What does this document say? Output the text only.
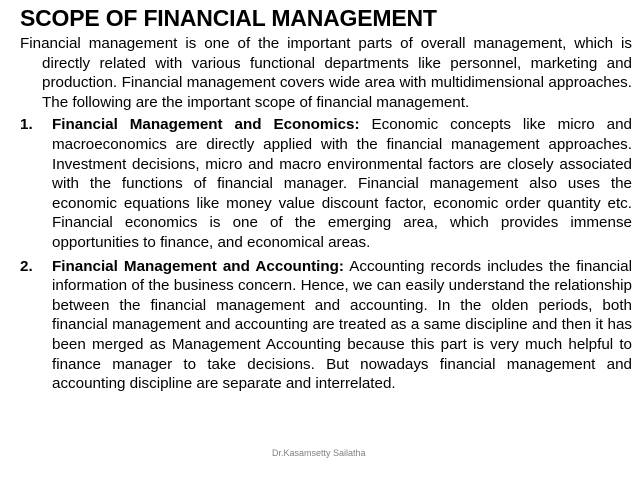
SCOPE OF FINANCIAL MANAGEMENT

Financial management is one of the important parts of overall management, which is directly related with various functional departments like personnel, marketing and production. Financial management covers wide area with multidimensional approaches. The following are the important scope of financial management.

1. Financial Management and Economics: Economic concepts like micro and macroeconomics are directly applied with the financial management approaches. Investment decisions, micro and macro environmental factors are closely associated with the functions of financial manager. Financial management also uses the economic equations like money value discount factor, economic order quantity etc. Financial economics is one of the emerging area, which provides immense opportunities to finance, and economical areas.
2. Financial Management and Accounting: Accounting records includes the financial information of the business concern. Hence, we can easily understand the relationship between the financial management and accounting. In the olden periods, both financial management and accounting are treated as a same discipline and then it has been merged as Management Accounting because this part is very much helpful to finance manager to take decisions. But nowadays financial management and accounting discipline are separate and interrelated.
Dr.Kasamsetty Sailatha
